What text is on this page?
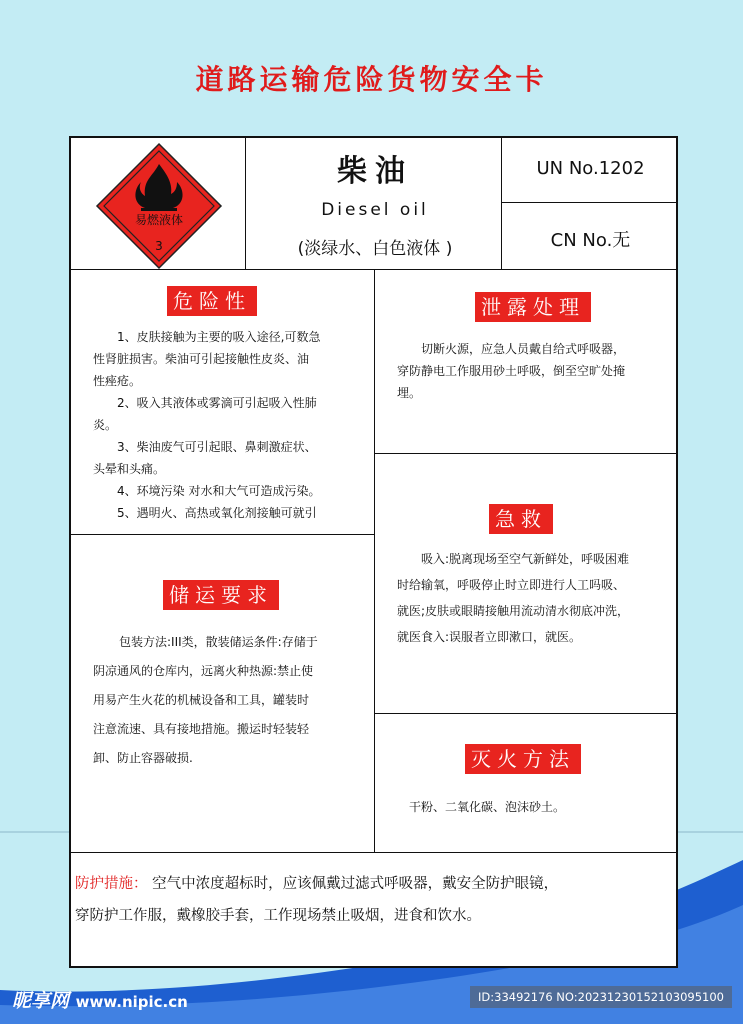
道路运输危险货物安全卡
易燃液体
3
柴油
Diesel oil
(淡绿水、白色液体 )
UN No.1202
CN No.无
危险性

1、皮肤接触为主要的吸入途径,可数急

性肾脏损害。柴油可引起接触性皮炎、油

性痤疮。

2、吸入其液体或雾滴可引起吸入性肺

炎。

3、柴油废气可引起眼、鼻刺激症状、

头晕和头痛。

4、环境污染 对水和大气可造成污染。

5、遇明火、高热或氧化剂接触可就引

泄露处理

切断火源，应急人员戴自给式呼吸器，

穿防静电工作服用砂土呼吸，倒至空旷处掩

埋。

急救

吸入:脱离现场至空气新鲜处，呼吸困难

时给输氧，呼吸停止时立即进行人工吗吸、

就医;皮肤或眼睛接触用流动清水彻底冲洗，

就医食入:误服者立即漱口，就医。

储运要求

包装方法:III类，散装储运条件:存储于

阴凉通风的仓库内，远离火种热源:禁止使

用易产生火花的机械设备和工具，罐装时

注意流速、具有接地措施。搬运时轻装轻

卸、防止容器破损.	灭火方法

干粉、二氧化碳、泡沫砂土。

防护措施： 空气中浓度超标时，应该佩戴过滤式呼吸器，戴安全防护眼镜，

穿防护工作服，戴橡胶手套，工作现场禁止吸烟，进食和饮水。

昵享网 www.nipic.cn	ID:33492176 NO:20231230152103095100
